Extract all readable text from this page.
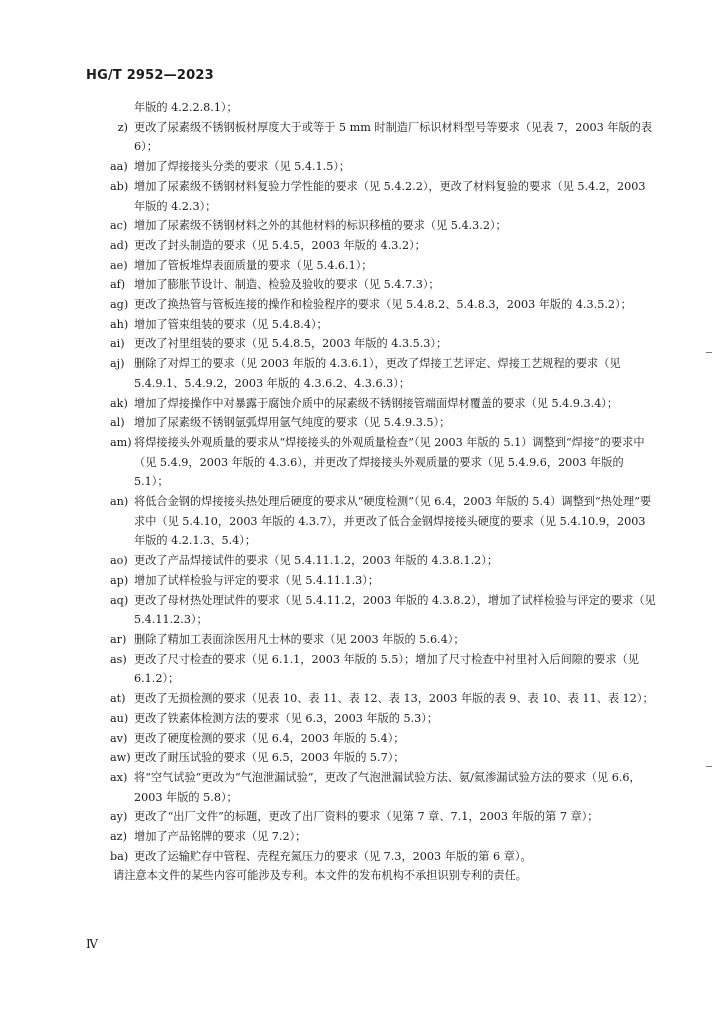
HG/T 2952—2023
年版的 4.2.2.8.1）；
z) 更改了尿素级不锈钢板材厚度大于或等于 5 mm 时制造厂标识材料型号等要求（见表 7，2003 年版的表 6）；
aa) 增加了焊接接头分类的要求（见 5.4.1.5）；
ab) 增加了尿素级不锈钢材料复验力学性能的要求（见 5.4.2.2），更改了材料复验的要求（见 5.4.2，2003 年版的 4.2.3）；
ac) 增加了尿素级不锈钢材料之外的其他材料的标识移植的要求（见 5.4.3.2）；
ad) 更改了封头制造的要求（见 5.4.5，2003 年版的 4.3.2）；
ae) 增加了管板堆焊表面质量的要求（见 5.4.6.1）；
af) 增加了膨胀节设计、制造、检验及验收的要求（见 5.4.7.3）；
ag) 更改了换热管与管板连接的操作和检验程序的要求（见 5.4.8.2、5.4.8.3，2003 年版的 4.3.5.2）；
ah) 增加了管束组装的要求（见 5.4.8.4）；
ai) 更改了衬里组装的要求（见 5.4.8.5，2003 年版的 4.3.5.3）；
aj) 删除了对焊工的要求（见 2003 年版的 4.3.6.1），更改了焊接工艺评定、焊接工艺规程的要求（见 5.4.9.1、5.4.9.2，2003 年版的 4.3.6.2、4.3.6.3）；
ak) 增加了焊接操作中对暴露于腐蚀介质中的尿素级不锈钢接管端面焊材覆盖的要求（见 5.4.9.3.4）；
al) 增加了尿素级不锈钢氩弧焊用氩气纯度的要求（见 5.4.9.3.5）；
am) 将焊接接头外观质量的要求从“焊接接头的外观质量检查”（见 2003 年版的 5.1）调整到“焊接”的要求中（见 5.4.9，2003 年版的 4.3.6），并更改了焊接接头外观质量的要求（见 5.4.9.6，2003 年版的 5.1）；
an) 将低合金钢的焊接接头热处理后硬度的要求从“硬度检测”（见 6.4，2003 年版的 5.4）调整到“热处理”要求中（见 5.4.10，2003 年版的 4.3.7），并更改了低合金钢焊接接头硬度的要求（见 5.4.10.9，2003 年版的 4.2.1.3、5.4）；
ao) 更改了产品焊接试件的要求（见 5.4.11.1.2，2003 年版的 4.3.8.1.2）；
ap) 增加了试样检验与评定的要求（见 5.4.11.1.3）；
aq) 更改了母材热处理试件的要求（见 5.4.11.2，2003 年版的 4.3.8.2），增加了试样检验与评定的要求（见 5.4.11.2.3）；
ar) 删除了精加工表面涂医用凡士林的要求（见 2003 年版的 5.6.4）；
as) 更改了尺寸检查的要求（见 6.1.1，2003 年版的 5.5）；增加了尺寸检查中衬里衬入后间隙的要求（见 6.1.2）；
at) 更改了无损检测的要求（见表 10、表 11、表 12、表 13，2003 年版的表 9、表 10、表 11、表 12）；
au) 更改了铁素体检测方法的要求（见 6.3，2003 年版的 5.3）；
av) 更改了硬度检测的要求（见 6.4，2003 年版的 5.4）；
aw) 更改了耐压试验的要求（见 6.5，2003 年版的 5.7）；
ax) 将“空气试验”更改为“气泡泄漏试验”，更改了气泡泄漏试验方法、氨/氦渗漏试验方法的要求（见 6.6，2003 年版的 5.8）；
ay) 更改了“出厂文件”的标题，更改了出厂资料的要求（见第 7 章、7.1，2003 年版的第 7 章）；
az) 增加了产品铭牌的要求（见 7.2）；
ba) 更改了运输贮存中管程、壳程充氮压力的要求（见 7.3，2003 年版的第 6 章）。
请注意本文件的某些内容可能涉及专利。本文件的发布机构不承担识别专利的责任。
Ⅳ
